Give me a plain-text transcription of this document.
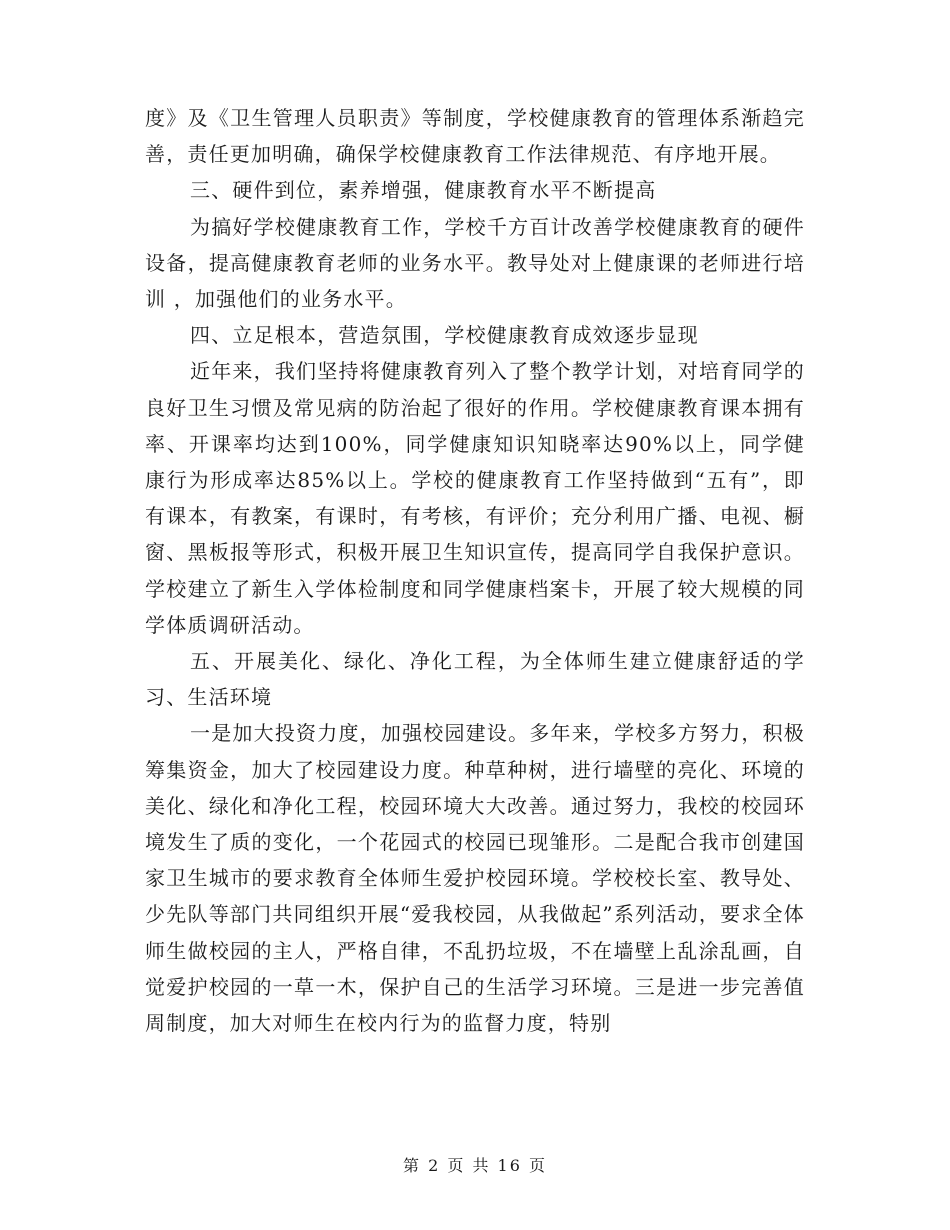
度》及《卫生管理人员职责》等制度，学校健康教育的管理体系渐趋完善，责任更加明确，确保学校健康教育工作法律规范、有序地开展。

三、硬件到位，素养增强，健康教育水平不断提高

为搞好学校健康教育工作，学校千方百计改善学校健康教育的硬件设备，提高健康教育老师的业务水平。教导处对上健康课的老师进行培训 ，加强他们的业务水平。

四、立足根本，营造氛围，学校健康教育成效逐步显现

近年来，我们坚持将健康教育列入了整个教学计划，对培育同学的良好卫生习惯及常见病的防治起了很好的作用。学校健康教育课本拥有率、开课率均达到100%，同学健康知识知晓率达90%以上，同学健康行为形成率达85%以上。学校的健康教育工作坚持做到“五有”，即有课本，有教案，有课时，有考核，有评价；充分利用广播、电视、橱窗、黑板报等形式，积极开展卫生知识宣传，提高同学自我保护意识。学校建立了新生入学体检制度和同学健康档案卡，开展了较大规模的同学体质调研活动。

五、开展美化、绿化、净化工程，为全体师生建立健康舒适的学习、生活环境

一是加大投资力度，加强校园建设。多年来，学校多方努力，积极筹集资金，加大了校园建设力度。种草种树，进行墙壁的亮化、环境的美化、绿化和净化工程，校园环境大大改善。通过努力，我校的校园环境发生了质的变化，一个花园式的校园已现雏形。二是配合我市创建国家卫生城市的要求教育全体师生爱护校园环境。学校校长室、教导处、少先队等部门共同组织开展“爱我校园，从我做起”系列活动，要求全体师生做校园的主人，严格自律，不乱扔垃圾，不在墙壁上乱涂乱画，自觉爱护校园的一草一木，保护自己的生活学习环境。三是进一步完善值周制度，加大对师生在校内行为的监督力度，特别

第 2 页 共 16 页
